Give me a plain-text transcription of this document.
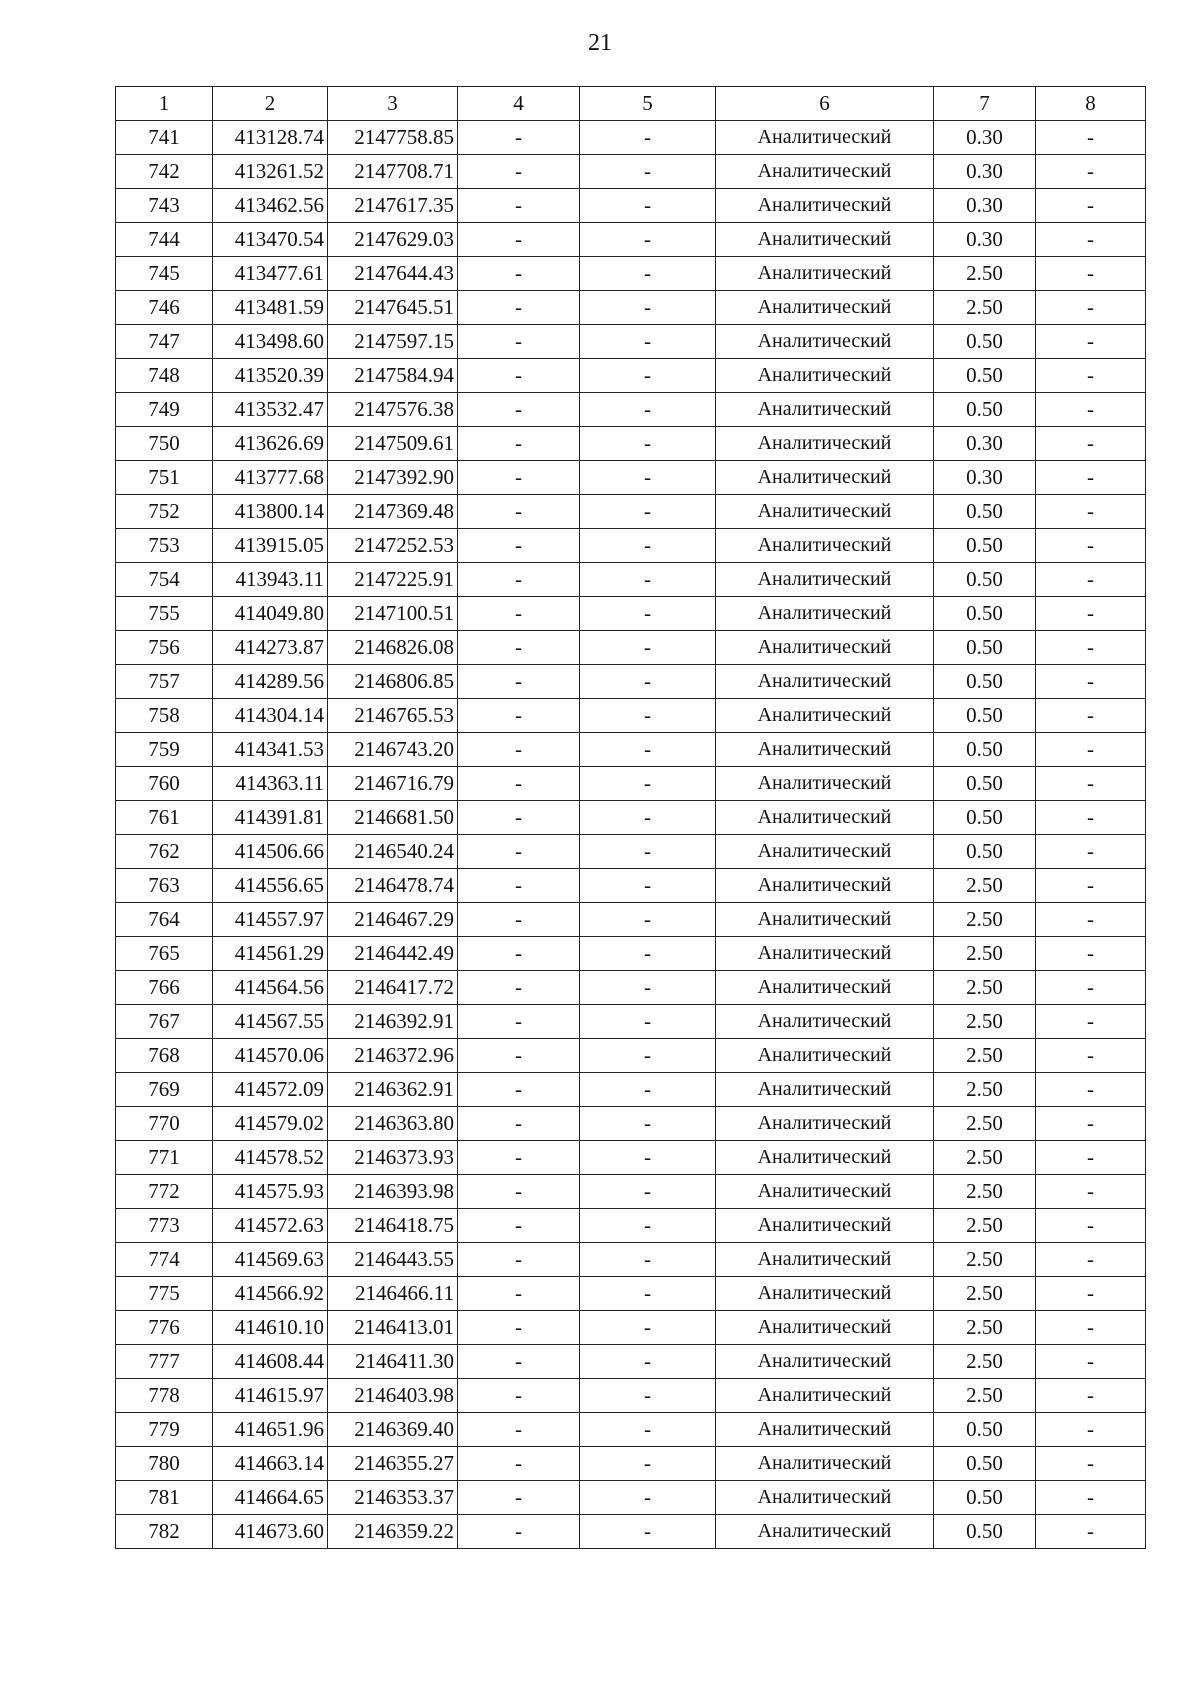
21
1	2	3	4	5	6	7	8
741	413128.74	2147758.85	-	-	Аналитический	0.30	-
742	413261.52	2147708.71	-	-	Аналитический	0.30	-
743	413462.56	2147617.35	-	-	Аналитический	0.30	-
744	413470.54	2147629.03	-	-	Аналитический	0.30	-
745	413477.61	2147644.43	-	-	Аналитический	2.50	-
746	413481.59	2147645.51	-	-	Аналитический	2.50	-
747	413498.60	2147597.15	-	-	Аналитический	0.50	-
748	413520.39	2147584.94	-	-	Аналитический	0.50	-
749	413532.47	2147576.38	-	-	Аналитический	0.50	-
750	413626.69	2147509.61	-	-	Аналитический	0.30	-
751	413777.68	2147392.90	-	-	Аналитический	0.30	-
752	413800.14	2147369.48	-	-	Аналитический	0.50	-
753	413915.05	2147252.53	-	-	Аналитический	0.50	-
754	413943.11	2147225.91	-	-	Аналитический	0.50	-
755	414049.80	2147100.51	-	-	Аналитический	0.50	-
756	414273.87	2146826.08	-	-	Аналитический	0.50	-
757	414289.56	2146806.85	-	-	Аналитический	0.50	-
758	414304.14	2146765.53	-	-	Аналитический	0.50	-
759	414341.53	2146743.20	-	-	Аналитический	0.50	-
760	414363.11	2146716.79	-	-	Аналитический	0.50	-
761	414391.81	2146681.50	-	-	Аналитический	0.50	-
762	414506.66	2146540.24	-	-	Аналитический	0.50	-
763	414556.65	2146478.74	-	-	Аналитический	2.50	-
764	414557.97	2146467.29	-	-	Аналитический	2.50	-
765	414561.29	2146442.49	-	-	Аналитический	2.50	-
766	414564.56	2146417.72	-	-	Аналитический	2.50	-
767	414567.55	2146392.91	-	-	Аналитический	2.50	-
768	414570.06	2146372.96	-	-	Аналитический	2.50	-
769	414572.09	2146362.91	-	-	Аналитический	2.50	-
770	414579.02	2146363.80	-	-	Аналитический	2.50	-
771	414578.52	2146373.93	-	-	Аналитический	2.50	-
772	414575.93	2146393.98	-	-	Аналитический	2.50	-
773	414572.63	2146418.75	-	-	Аналитический	2.50	-
774	414569.63	2146443.55	-	-	Аналитический	2.50	-
775	414566.92	2146466.11	-	-	Аналитический	2.50	-
776	414610.10	2146413.01	-	-	Аналитический	2.50	-
777	414608.44	2146411.30	-	-	Аналитический	2.50	-
778	414615.97	2146403.98	-	-	Аналитический	2.50	-
779	414651.96	2146369.40	-	-	Аналитический	0.50	-
780	414663.14	2146355.27	-	-	Аналитический	0.50	-
781	414664.65	2146353.37	-	-	Аналитический	0.50	-
782	414673.60	2146359.22	-	-	Аналитический	0.50	-
